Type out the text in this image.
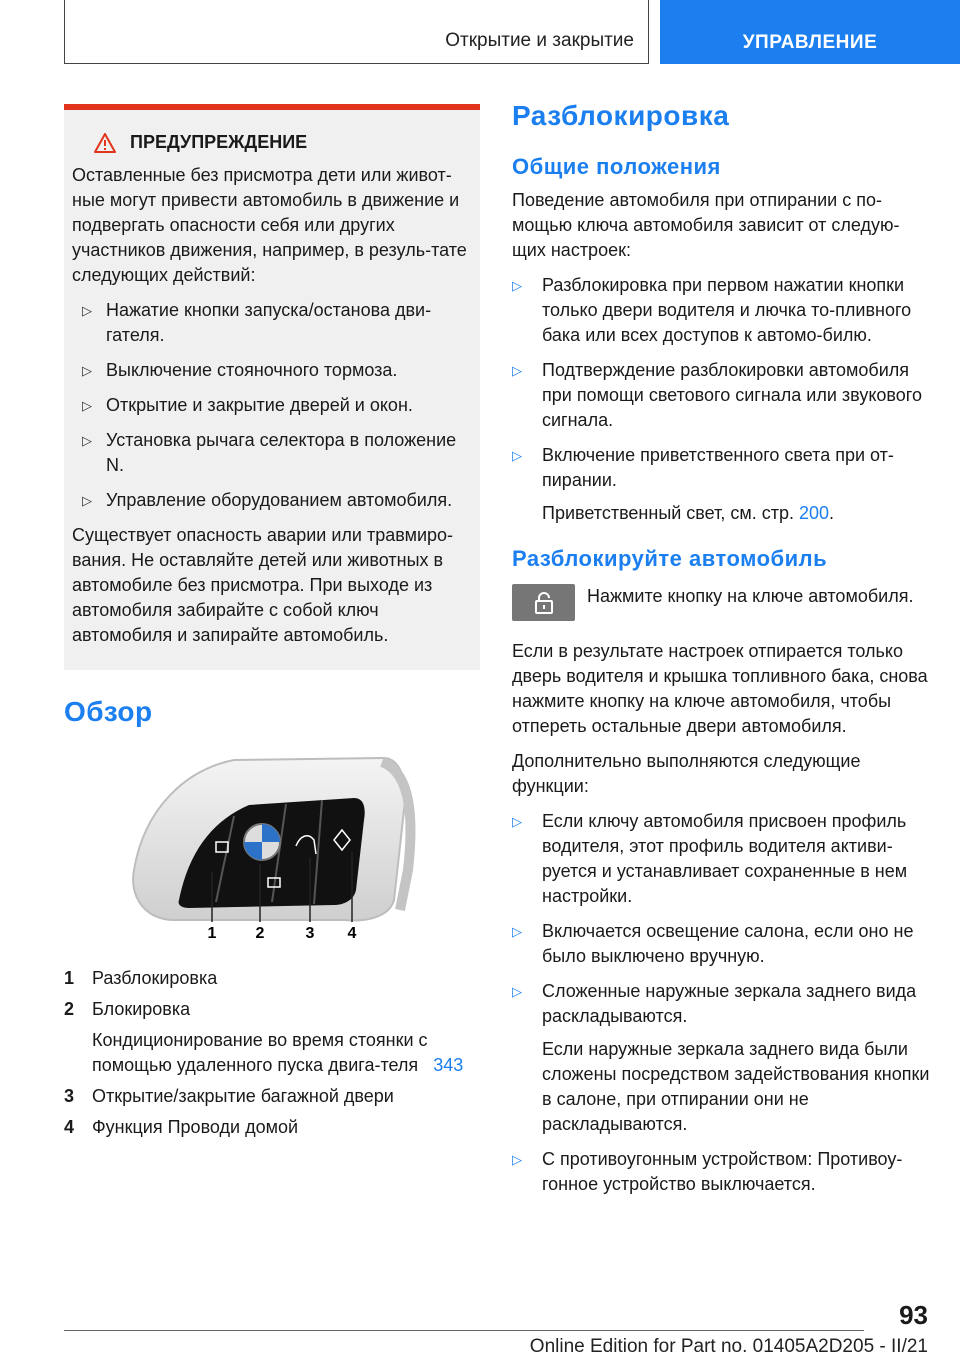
Открытие и закрытие	УПРАВЛЕНИЕ
ПРЕДУПРЕЖДЕНИЕ

Оставленные без присмотра дети или живот-ные могут привести автомобиль в движение и подвергать опасности себя или других участников движения, например, в резуль-тате следующих действий:

▷ Нажатие кнопки запуска/останова дви-гателя.
▷ Выключение стояночного тормоза.
▷ Открытие и закрытие дверей и окон.
▷ Установка рычага селектора в положение N.
▷ Управление оборудованием автомобиля.

Существует опасность аварии или травмиро-вания. Не оставляйте детей или животных в автомобиле без присмотра. При выходе из автомобиля забирайте с собой ключ автомобиля и запирайте автомобиль.

Обзор
1 2	3 4
1 Разблокировка
2 Блокировка
Кондиционирование во время стоянки с помощью удаленного пуска двига-теля 343
3 Открытие/закрытие багажной двери
4 Функция Проводи домой
Разблокировка
Общие положения

Поведение автомобиля при отпирании с по-мощью ключа автомобиля зависит от следую-щих настроек:

▷ Разблокировка при первом нажатии кнопки только двери водителя и лючка то-пливного бака или всех доступов к автомо-билю.
▷ Подтверждение разблокировки автомобиля при помощи светового сигнала или звукового сигнала.
▷ Включение приветственного света при от-пирании.
Приветственный свет, см. стр. 200.
Разблокируйте автомобиль

Нажмите кнопку на ключе автомобиля.

Если в результате настроек отпирается только дверь водителя и крышка топливного бака, снова нажмите кнопку на ключе автомобиля, чтобы отпереть остальные двери автомобиля.

Дополнительно выполняются следующие функции:

▷ Если ключу автомобиля присвоен профиль водителя, этот профиль водителя активи-руется и устанавливает сохраненные в нем настройки.
▷ Включается освещение салона, если оно не было выключено вручную.
▷ Сложенные наружные зеркала заднего вида раскладываются.
Если наружные зеркала заднего вида были сложены посредством задействования кнопки в салоне, при отпирании они не раскладываются.
▷ С противоугонным устройством: Противоу-гонное устройство выключается.
93
Online Edition for Part no. 01405A2D205 - II/21
